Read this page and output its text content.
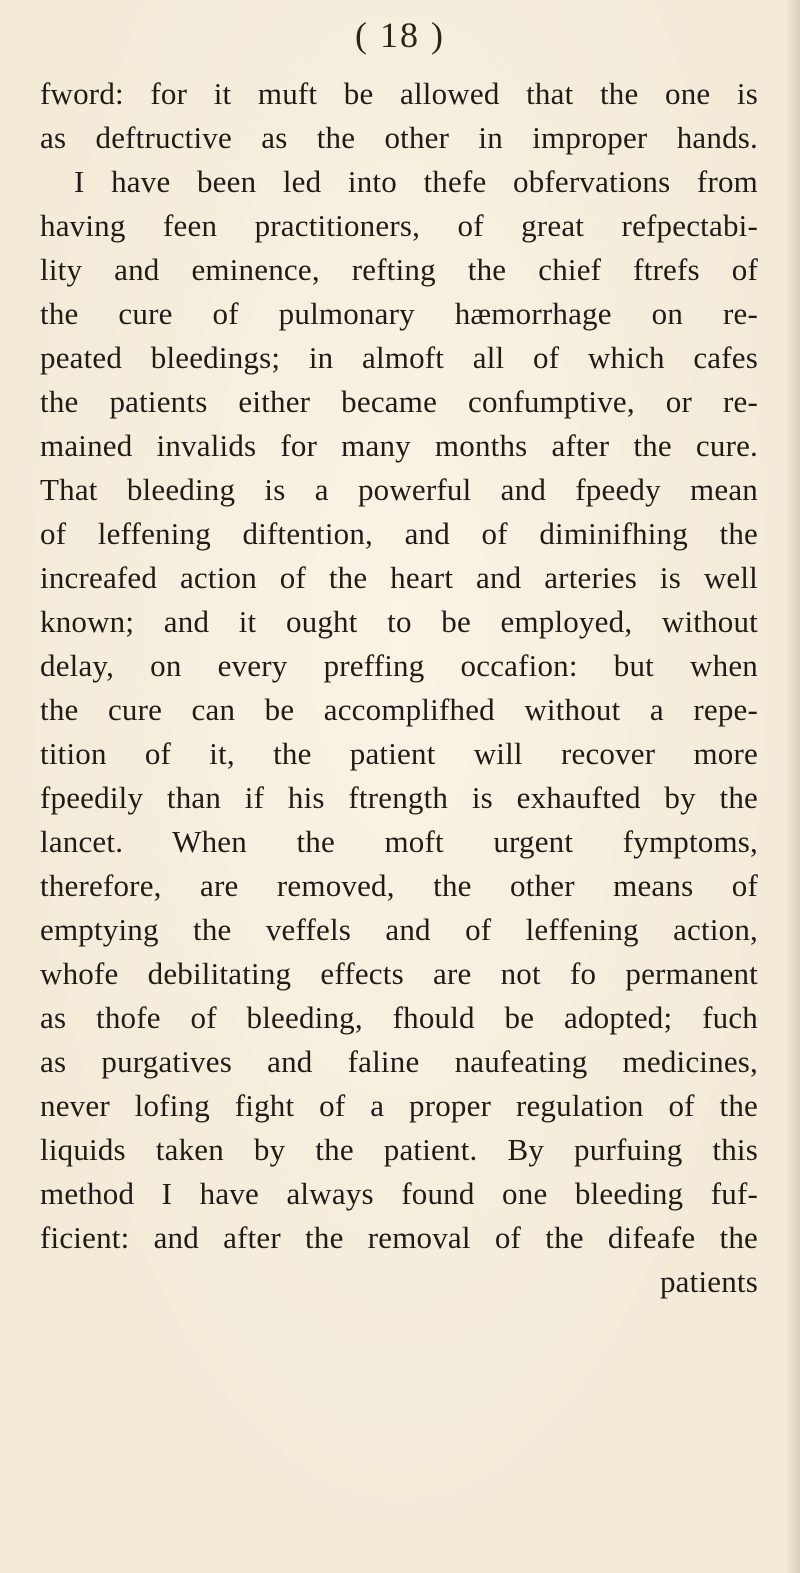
( 18 )
fword: for it muft be allowed that the one is
as deftructive as the other in improper hands.
I have been led into thefe obfervations from
having feen practitioners, of great refpectabi-
lity and eminence, refting the chief ftrefs of
the cure of pulmonary hæmorrhage on re-
peated bleedings; in almoft all of which cafes
the patients either became confumptive, or re-
mained invalids for many months after the cure.
That bleeding is a powerful and fpeedy mean
of leffening diftention, and of diminifhing the
increafed action of the heart and arteries is well
known; and it ought to be employed, without
delay, on every preffing occafion: but when
the cure can be accomplifhed without a repe-
tition of it, the patient will recover more
fpeedily than if his ftrength is exhaufted by the
lancet. When the moft urgent fymptoms,
therefore, are removed, the other means of
emptying the veffels and of leffening action,
whofe debilitating effects are not fo permanent
as thofe of bleeding, fhould be adopted; fuch
as purgatives and faline naufeating medicines,
never lofing fight of a proper regulation of the
liquids taken by the patient. By purfuing this
method I have always found one bleeding fuf-
ficient: and after the removal of the difeafe the
patients
